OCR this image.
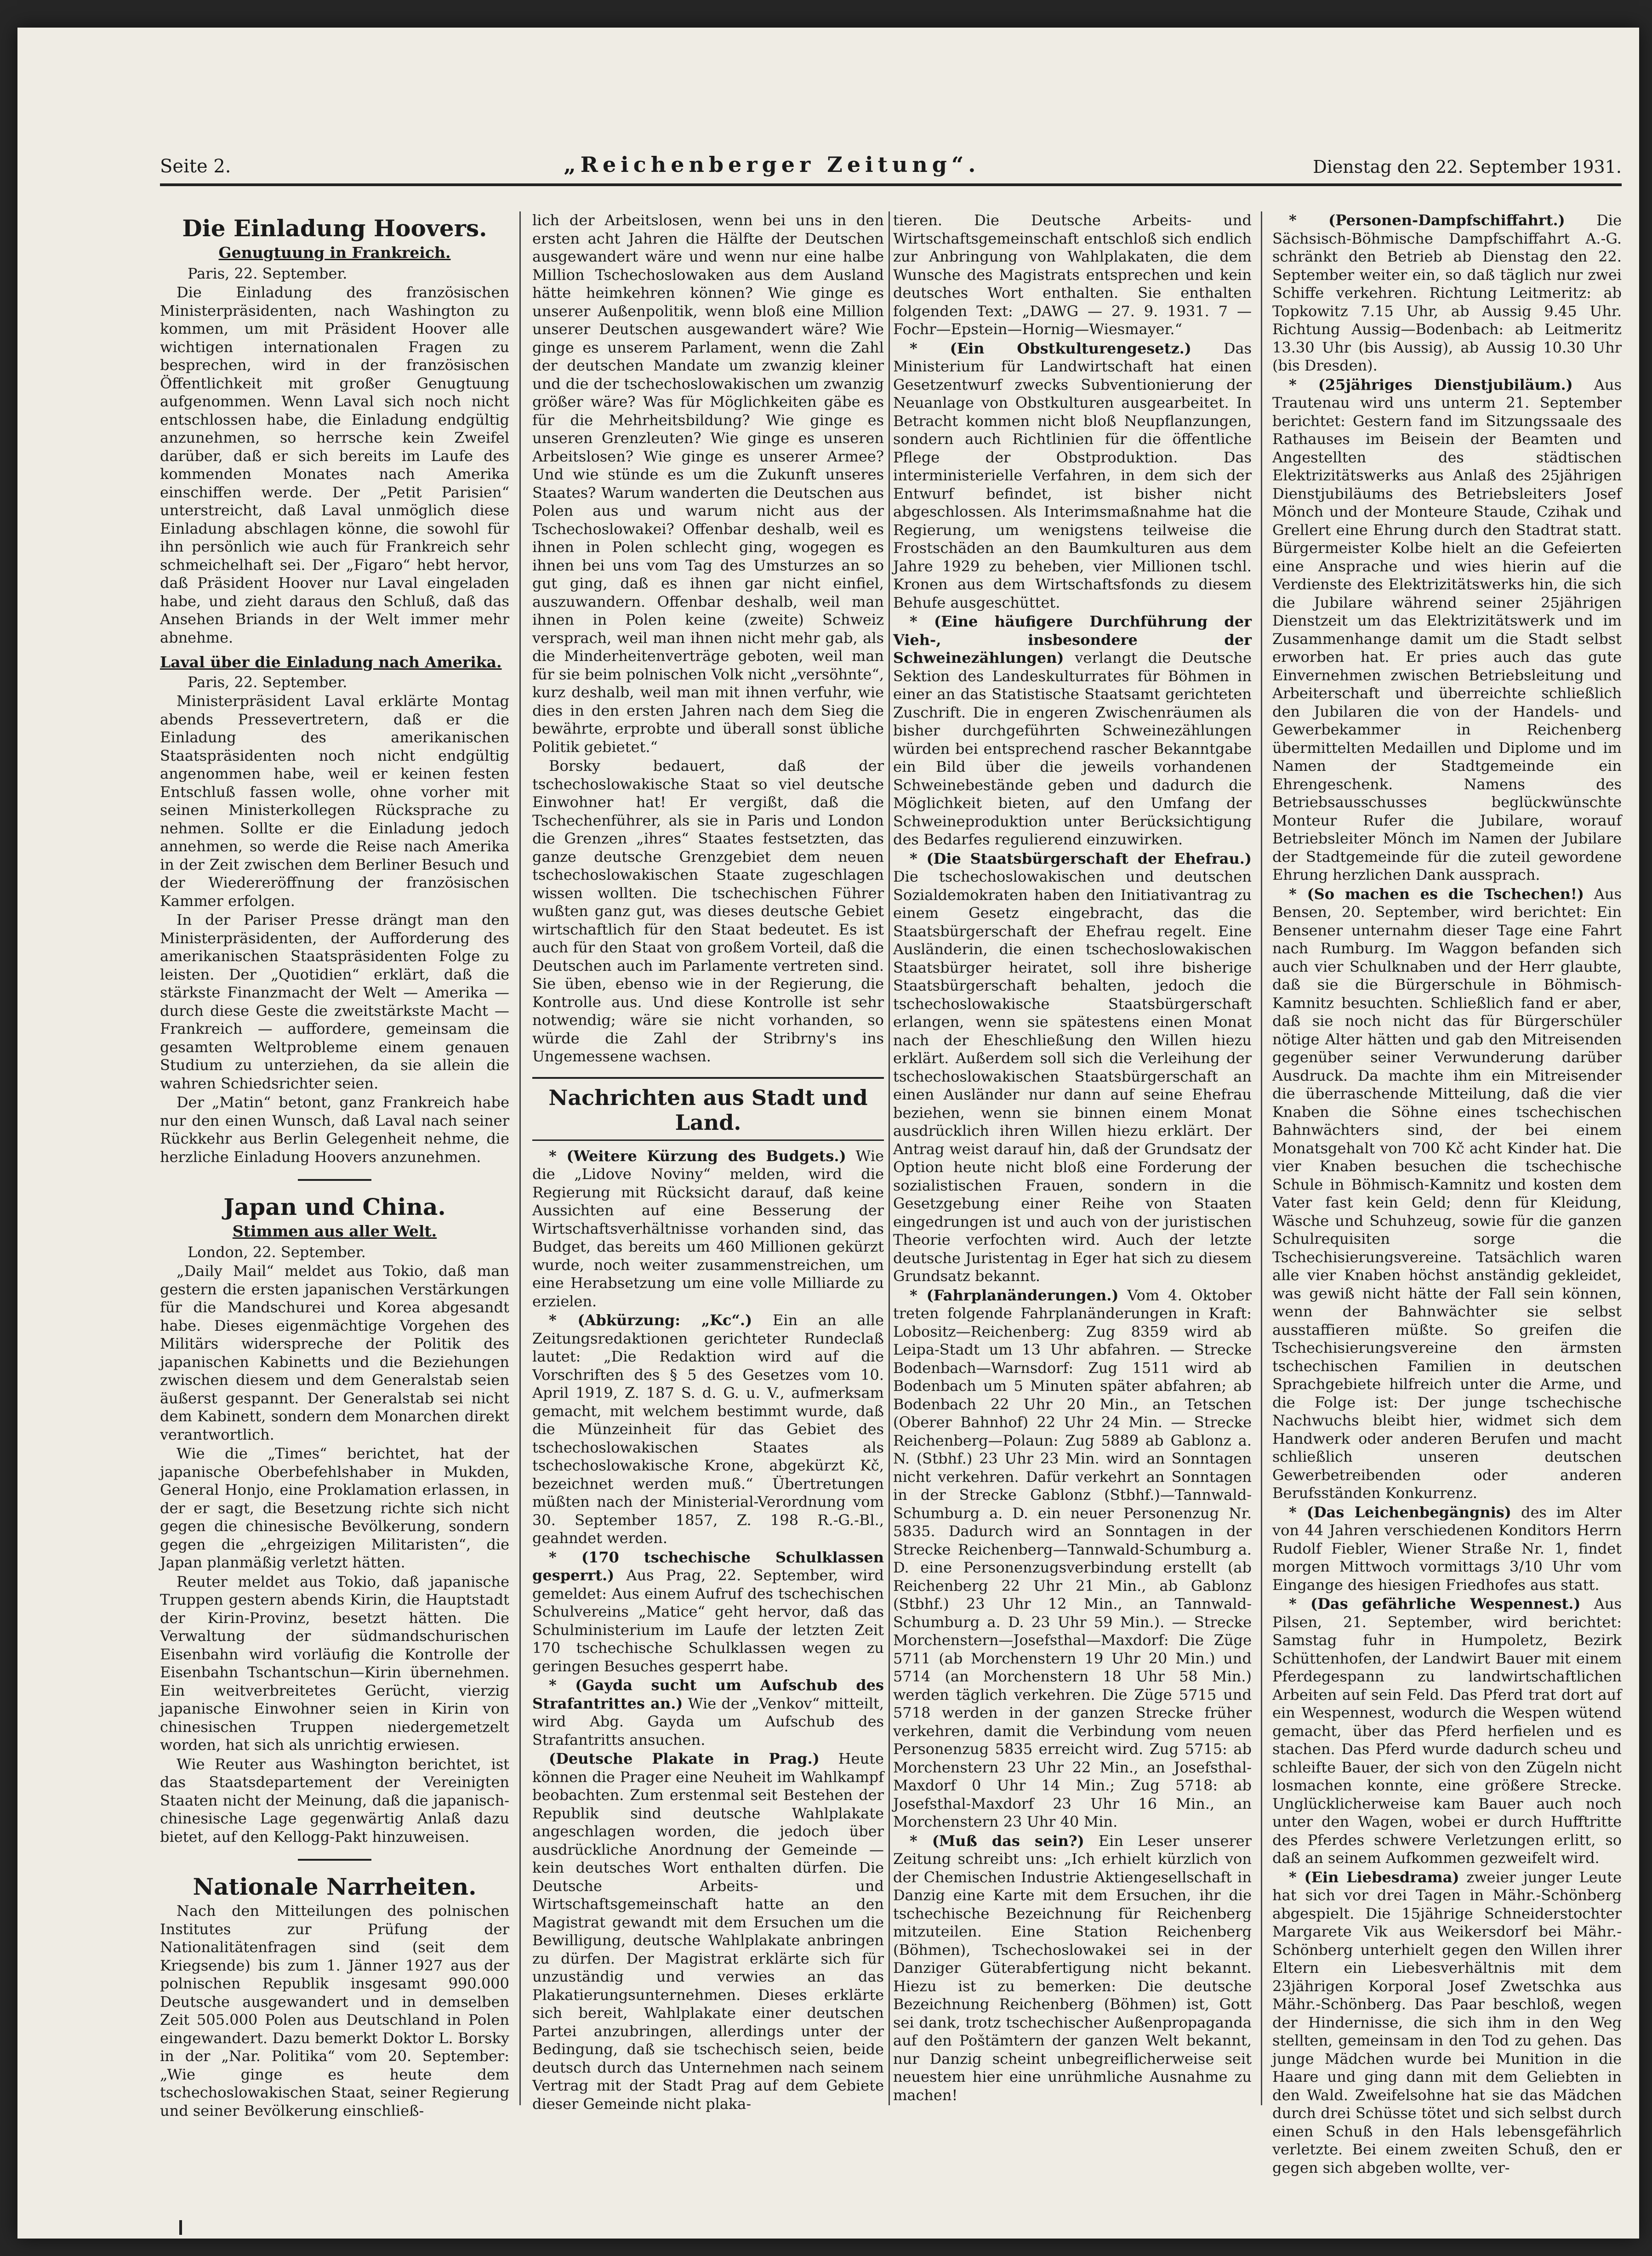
Seite 2.	„Reichenberger Zeitung“.	Dienstag den 22. September 1931.
Die Einladung Hoovers.
Genugtuung in Frankreich.

Paris, 22. September.

Die Einladung des französischen Ministerpräsidenten, nach Washington zu kommen, um mit Präsident Hoover alle wichtigen internationalen Fragen zu besprechen, wird in der französischen Öffentlichkeit mit großer Genugtuung aufgenommen. Wenn Laval sich noch nicht entschlossen habe, die Einladung endgültig anzunehmen, so herrsche kein Zweifel darüber, daß er sich bereits im Laufe des kommenden Monates nach Amerika einschiffen werde. Der „Petit Parisien“ unterstreicht, daß Laval unmöglich diese Einladung abschlagen könne, die sowohl für ihn persönlich wie auch für Frankreich sehr schmeichelhaft sei. Der „Figaro“ hebt hervor, daß Präsident Hoover nur Laval eingeladen habe, und zieht daraus den Schluß, daß das Ansehen Briands in der Welt immer mehr abnehme.

Laval über die Einladung nach Amerika.

Paris, 22. September.

Ministerpräsident Laval erklärte Montag abends Pressevertretern, daß er die Einladung des amerikanischen Staatspräsidenten noch nicht endgültig angenommen habe, weil er keinen festen Entschluß fassen wolle, ohne vorher mit seinen Ministerkollegen Rücksprache zu nehmen. Sollte er die Einladung jedoch annehmen, so werde die Reise nach Amerika in der Zeit zwischen dem Berliner Besuch und der Wiedereröffnung der französischen Kammer erfolgen.

In der Pariser Presse drängt man den Ministerpräsidenten, der Aufforderung des amerikanischen Staatspräsidenten Folge zu leisten. Der „Quotidien“ erklärt, daß die stärkste Finanzmacht der Welt — Amerika — durch diese Geste die zweitstärkste Macht — Frankreich — auffordere, gemeinsam die gesamten Weltprobleme einem genauen Studium zu unterziehen, da sie allein die wahren Schiedsrichter seien.

Der „Matin“ betont, ganz Frankreich habe nur den einen Wunsch, daß Laval nach seiner Rückkehr aus Berlin Gelegenheit nehme, die herzliche Einladung Hoovers anzunehmen.

Japan und China.
Stimmen aus aller Welt.

London, 22. September.

„Daily Mail“ meldet aus Tokio, daß man gestern die ersten japanischen Verstärkungen für die Mandschurei und Korea abgesandt habe. Dieses eigenmächtige Vorgehen des Militärs widerspreche der Politik des japanischen Kabinetts und die Beziehungen zwischen diesem und dem Generalstab seien äußerst gespannt. Der Generalstab sei nicht dem Kabinett, sondern dem Monarchen direkt verantwortlich.

Wie die „Times“ berichtet, hat der japanische Oberbefehlshaber in Mukden, General Honjo, eine Proklamation erlassen, in der er sagt, die Besetzung richte sich nicht gegen die chinesische Bevölkerung, sondern gegen die „ehrgeizigen Militaristen“, die Japan planmäßig verletzt hätten.

Reuter meldet aus Tokio, daß japanische Truppen gestern abends Kirin, die Hauptstadt der Kirin-Provinz, besetzt hätten. Die Verwaltung der südmandschurischen Eisenbahn wird vorläufig die Kontrolle der Eisenbahn Tschantschun—Kirin übernehmen. Ein weitverbreitetes Gerücht, vierzig japanische Einwohner seien in Kirin von chinesischen Truppen niedergemetzelt worden, hat sich als unrichtig erwiesen.

Wie Reuter aus Washington berichtet, ist das Staatsdepartement der Vereinigten Staaten nicht der Meinung, daß die japanisch-chinesische Lage gegenwärtig Anlaß dazu bietet, auf den Kellogg-Pakt hinzuweisen.

Nationale Narrheiten.

Nach den Mitteilungen des polnischen Institutes zur Prüfung der Nationalitätenfragen sind (seit dem Kriegsende) bis zum 1. Jänner 1927 aus der polnischen Republik insgesamt 990.000 Deutsche ausgewandert und in demselben Zeit 505.000 Polen aus Deutschland in Polen eingewandert. Dazu bemerkt Doktor L. Borsky in der „Nar. Politika“ vom 20. September: „Wie ginge es heute dem tschechoslowakischen Staat, seiner Regierung und seiner Bevölkerung einschließ-

lich der Arbeitslosen, wenn bei uns in den ersten acht Jahren die Hälfte der Deutschen ausgewandert wäre und wenn nur eine halbe Million Tschechoslowaken aus dem Ausland hätte heimkehren können? Wie ginge es unserer Außenpolitik, wenn bloß eine Million unserer Deutschen ausgewandert wäre? Wie ginge es unserem Parlament, wenn die Zahl der deutschen Mandate um zwanzig kleiner und die der tschechoslowakischen um zwanzig größer wäre? Was für Möglichkeiten gäbe es für die Mehrheitsbildung? Wie ginge es unseren Grenzleuten? Wie ginge es unseren Arbeitslosen? Wie ginge es unserer Armee? Und wie stünde es um die Zukunft unseres Staates? Warum wanderten die Deutschen aus Polen aus und warum nicht aus der Tschechoslowakei? Offenbar deshalb, weil es ihnen in Polen schlecht ging, wogegen es ihnen bei uns vom Tag des Umsturzes an so gut ging, daß es ihnen gar nicht einfiel, auszuwandern. Offenbar deshalb, weil man ihnen in Polen keine (zweite) Schweiz versprach, weil man ihnen nicht mehr gab, als die Minderheitenverträge geboten, weil man für sie beim polnischen Volk nicht „versöhnte“, kurz deshalb, weil man mit ihnen verfuhr, wie dies in den ersten Jahren nach dem Sieg die bewährte, erprobte und überall sonst übliche Politik gebietet.“

Borsky bedauert, daß der tschechoslowakische Staat so viel deutsche Einwohner hat! Er vergißt, daß die Tschechenführer, als sie in Paris und London die Grenzen „ihres“ Staates festsetzten, das ganze deutsche Grenzgebiet dem neuen tschechoslowakischen Staate zugeschlagen wissen wollten. Die tschechischen Führer wußten ganz gut, was dieses deutsche Gebiet wirtschaftlich für den Staat bedeutet. Es ist auch für den Staat von großem Vorteil, daß die Deutschen auch im Parlamente vertreten sind. Sie üben, ebenso wie in der Regierung, die Kontrolle aus. Und diese Kontrolle ist sehr notwendig; wäre sie nicht vorhanden, so würde die Zahl der Stribrny's ins Ungemessene wachsen.

Nachrichten aus Stadt und Land.

* (Weitere Kürzung des Budgets.) Wie die „Lidove Noviny“ melden, wird die Regierung mit Rücksicht darauf, daß keine Aussichten auf eine Besserung der Wirtschaftsverhältnisse vorhanden sind, das Budget, das bereits um 460 Millionen gekürzt wurde, noch weiter zusammenstreichen, um eine Herabsetzung um eine volle Milliarde zu erzielen.

* (Abkürzung: „Kc“.) Ein an alle Zeitungsredaktionen gerichteter Rundeclaß lautet: „Die Redaktion wird auf die Vorschriften des § 5 des Gesetzes vom 10. April 1919, Z. 187 S. d. G. u. V., aufmerksam gemacht, mit welchem bestimmt wurde, daß die Münzeinheit für das Gebiet des tschechoslowakischen Staates als tschechoslowakische Krone, abgekürzt Kč, bezeichnet werden muß.“ Übertretungen müßten nach der Ministerial-Verordnung vom 30. September 1857, Z. 198 R.-G.-Bl., geahndet werden.

* (170 tschechische Schulklassen gesperrt.) Aus Prag, 22. September, wird gemeldet: Aus einem Aufruf des tschechischen Schulvereins „Matice“ geht hervor, daß das Schulministerium im Laufe der letzten Zeit 170 tschechische Schulklassen wegen zu geringen Besuches gesperrt habe.

* (Gayda sucht um Aufschub des Strafantrittes an.) Wie der „Venkov“ mitteilt, wird Abg. Gayda um Aufschub des Strafantritts ansuchen.

(Deutsche Plakate in Prag.) Heute können die Prager eine Neuheit im Wahlkampf beobachten. Zum erstenmal seit Bestehen der Republik sind deutsche Wahlplakate angeschlagen worden, die jedoch über ausdrückliche Anordnung der Gemeinde — kein deutsches Wort enthalten dürfen. Die Deutsche Arbeits- und Wirtschaftsgemeinschaft hatte an den Magistrat gewandt mit dem Ersuchen um die Bewilligung, deutsche Wahlplakate anbringen zu dürfen. Der Magistrat erklärte sich für unzuständig und verwies an das Plakatierungsunternehmen. Dieses erklärte sich bereit, Wahlplakate einer deutschen Partei anzubringen, allerdings unter der Bedingung, daß sie tschechisch seien, beide deutsch durch das Unternehmen nach seinem Vertrag mit der Stadt Prag auf dem Gebiete dieser Gemeinde nicht plaka-

tieren. Die Deutsche Arbeits- und Wirtschaftsgemeinschaft entschloß sich endlich zur Anbringung von Wahlplakaten, die dem Wunsche des Magistrats entsprechen und kein deutsches Wort enthalten. Sie enthalten folgenden Text: „DAWG — 27. 9. 1931. 7 — Fochr—Epstein—Hornig—Wiesmayer.“

* (Ein Obstkulturengesetz.) Das Ministerium für Landwirtschaft hat einen Gesetzentwurf zwecks Subventionierung der Neuanlage von Obstkulturen ausgearbeitet. In Betracht kommen nicht bloß Neupflanzungen, sondern auch Richtlinien für die öffentliche Pflege der Obstproduktion. Das interministerielle Verfahren, in dem sich der Entwurf befindet, ist bisher nicht abgeschlossen. Als Interimsmaßnahme hat die Regierung, um wenigstens teilweise die Frostschäden an den Baumkulturen aus dem Jahre 1929 zu beheben, vier Millionen tschl. Kronen aus dem Wirtschaftsfonds zu diesem Behufe ausgeschüttet.

* (Eine häufigere Durchführung der Vieh-, insbesondere der Schweinezählungen) verlangt die Deutsche Sektion des Landeskulturrates für Böhmen in einer an das Statistische Staatsamt gerichteten Zuschrift. Die in engeren Zwischenräumen als bisher durchgeführten Schweinezählungen würden bei entsprechend rascher Bekanntgabe ein Bild über die jeweils vorhandenen Schweinebestände geben und dadurch die Möglichkeit bieten, auf den Umfang der Schweineproduktion unter Berücksichtigung des Bedarfes regulierend einzuwirken.

* (Die Staatsbürgerschaft der Ehefrau.) Die tschechoslowakischen und deutschen Sozialdemokraten haben den Initiativantrag zu einem Gesetz eingebracht, das die Staatsbürgerschaft der Ehefrau regelt. Eine Ausländerin, die einen tschechoslowakischen Staatsbürger heiratet, soll ihre bisherige Staatsbürgerschaft behalten, jedoch die tschechoslowakische Staatsbürgerschaft erlangen, wenn sie spätestens einen Monat nach der Eheschließung den Willen hiezu erklärt. Außerdem soll sich die Verleihung der tschechoslowakischen Staatsbürgerschaft an einen Ausländer nur dann auf seine Ehefrau beziehen, wenn sie binnen einem Monat ausdrücklich ihren Willen hiezu erklärt. Der Antrag weist darauf hin, daß der Grundsatz der Option heute nicht bloß eine Forderung der sozialistischen Frauen, sondern in die Gesetzgebung einer Reihe von Staaten eingedrungen ist und auch von der juristischen Theorie verfochten wird. Auch der letzte deutsche Juristentag in Eger hat sich zu diesem Grundsatz bekannt.

* (Fahrplanänderungen.) Vom 4. Oktober treten folgende Fahrplanänderungen in Kraft: Lobositz—Reichenberg: Zug 8359 wird ab Leipa-Stadt um 13 Uhr abfahren. — Strecke Bodenbach—Warnsdorf: Zug 1511 wird ab Bodenbach um 5 Minuten später abfahren; ab Bodenbach 22 Uhr 20 Min., an Tetschen (Oberer Bahnhof) 22 Uhr 24 Min. — Strecke Reichenberg—Polaun: Zug 5889 ab Gablonz a. N. (Stbhf.) 23 Uhr 23 Min. wird an Sonntagen nicht verkehren. Dafür verkehrt an Sonntagen in der Strecke Gablonz (Stbhf.)—Tannwald-Schumburg a. D. ein neuer Personenzug Nr. 5835. Dadurch wird an Sonntagen in der Strecke Reichenberg—Tannwald-Schumburg a. D. eine Personenzugsverbindung erstellt (ab Reichenberg 22 Uhr 21 Min., ab Gablonz (Stbhf.) 23 Uhr 12 Min., an Tannwald-Schumburg a. D. 23 Uhr 59 Min.). — Strecke Morchenstern—Josefsthal—Maxdorf: Die Züge 5711 (ab Morchenstern 19 Uhr 20 Min.) und 5714 (an Morchenstern 18 Uhr 58 Min.) werden täglich verkehren. Die Züge 5715 und 5718 werden in der ganzen Strecke früher verkehren, damit die Verbindung vom neuen Personenzug 5835 erreicht wird. Zug 5715: ab Morchenstern 23 Uhr 22 Min., an Josefsthal-Maxdorf 0 Uhr 14 Min.; Zug 5718: ab Josefsthal-Maxdorf 23 Uhr 16 Min., an Morchenstern 23 Uhr 40 Min.

* (Muß das sein?) Ein Leser unserer Zeitung schreibt uns: „Ich erhielt kürzlich von der Chemischen Industrie Aktiengesellschaft in Danzig eine Karte mit dem Ersuchen, ihr die tschechische Bezeichnung für Reichenberg mitzuteilen. Eine Station Reichenberg (Böhmen), Tschechoslowakei sei in der Danziger Güterabfertigung nicht bekannt. Hiezu ist zu bemerken: Die deutsche Bezeichnung Reichenberg (Böhmen) ist, Gott sei dank, trotz tschechischer Außenpropaganda auf den Poštämtern der ganzen Welt bekannt, nur Danzig scheint unbegreiflicherweise seit neuestem hier eine unrühmliche Ausnahme zu machen!

* (Personen-Dampfschiffahrt.) Die Sächsisch-Böhmische Dampfschiffahrt A.-G. schränkt den Betrieb ab Dienstag den 22. September weiter ein, so daß täglich nur zwei Schiffe verkehren. Richtung Leitmeritz: ab Topkowitz 7.15 Uhr, ab Aussig 9.45 Uhr. Richtung Aussig—Bodenbach: ab Leitmeritz 13.30 Uhr (bis Aussig), ab Aussig 10.30 Uhr (bis Dresden).

* (25jähriges Dienstjubiläum.) Aus Trautenau wird uns unterm 21. September berichtet: Gestern fand im Sitzungssaale des Rathauses im Beisein der Beamten und Angestellten des städtischen Elektrizitätswerks aus Anlaß des 25jährigen Dienstjubiläums des Betriebsleiters Josef Mönch und der Monteure Staude, Czihak und Grellert eine Ehrung durch den Stadtrat statt. Bürgermeister Kolbe hielt an die Gefeierten eine Ansprache und wies hierin auf die Verdienste des Elektrizitätswerks hin, die sich die Jubilare während seiner 25jährigen Dienstzeit um das Elektrizitätswerk und im Zusammenhange damit um die Stadt selbst erworben hat. Er pries auch das gute Einvernehmen zwischen Betriebsleitung und Arbeiterschaft und überreichte schließlich den Jubilaren die von der Handels- und Gewerbekammer in Reichenberg übermittelten Medaillen und Diplome und im Namen der Stadtgemeinde ein Ehrengeschenk. Namens des Betriebsausschusses beglückwünschte Monteur Rufer die Jubilare, worauf Betriebsleiter Mönch im Namen der Jubilare der Stadtgemeinde für die zuteil gewordene Ehrung herzlichen Dank aussprach.

* (So machen es die Tschechen!) Aus Bensen, 20. September, wird berichtet: Ein Bensener unternahm dieser Tage eine Fahrt nach Rumburg. Im Waggon befanden sich auch vier Schulknaben und der Herr glaubte, daß sie die Bürgerschule in Böhmisch-Kamnitz besuchten. Schließlich fand er aber, daß sie noch nicht das für Bürgerschüler nötige Alter hätten und gab den Mitreisenden gegenüber seiner Verwunderung darüber Ausdruck. Da machte ihm ein Mitreisender die überraschende Mitteilung, daß die vier Knaben die Söhne eines tschechischen Bahnwächters sind, der bei einem Monatsgehalt von 700 Kč acht Kinder hat. Die vier Knaben besuchen die tschechische Schule in Böhmisch-Kamnitz und kosten dem Vater fast kein Geld; denn für Kleidung, Wäsche und Schuhzeug, sowie für die ganzen Schulrequisiten sorge die Tschechisierungsvereine. Tatsächlich waren alle vier Knaben höchst anständig gekleidet, was gewiß nicht hätte der Fall sein können, wenn der Bahnwächter sie selbst ausstaffieren müßte. So greifen die Tschechisierungsvereine den ärmsten tschechischen Familien in deutschen Sprachgebiete hilfreich unter die Arme, und die Folge ist: Der junge tschechische Nachwuchs bleibt hier, widmet sich dem Handwerk oder anderen Berufen und macht schließlich unseren deutschen Gewerbetreibenden oder anderen Berufsständen Konkurrenz.

* (Das Leichenbegängnis) des im Alter von 44 Jahren verschiedenen Konditors Herrn Rudolf Fiebler, Wiener Straße Nr. 1, findet morgen Mittwoch vormittags 3/10 Uhr vom Eingange des hiesigen Friedhofes aus statt.

* (Das gefährliche Wespennest.) Aus Pilsen, 21. September, wird berichtet: Samstag fuhr in Humpoletz, Bezirk Schüttenhofen, der Landwirt Bauer mit einem Pferdegespann zu landwirtschaftlichen Arbeiten auf sein Feld. Das Pferd trat dort auf ein Wespennest, wodurch die Wespen wütend gemacht, über das Pferd herfielen und es stachen. Das Pferd wurde dadurch scheu und schleifte Bauer, der sich von den Zügeln nicht losmachen konnte, eine größere Strecke. Unglücklicherweise kam Bauer auch noch unter den Wagen, wobei er durch Hufftritte des Pferdes schwere Verletzungen erlitt, so daß an seinem Aufkommen gezweifelt wird.

* (Ein Liebesdrama) zweier junger Leute hat sich vor drei Tagen in Mähr.-Schönberg abgespielt. Die 15jährige Schneiderstochter Margarete Vik aus Weikersdorf bei Mähr.-Schönberg unterhielt gegen den Willen ihrer Eltern ein Liebesverhältnis mit dem 23jährigen Korporal Josef Zwetschka aus Mähr.-Schönberg. Das Paar beschloß, wegen der Hindernisse, die sich ihm in den Weg stellten, gemeinsam in den Tod zu gehen. Das junge Mädchen wurde bei Munition in die Haare und ging dann mit dem Geliebten in den Wald. Zweifelsohne hat sie das Mädchen durch drei Schüsse tötet und sich selbst durch einen Schuß in den Hals lebensgefährlich verletzte. Bei einem zweiten Schuß, den er gegen sich abgeben wollte, ver-
